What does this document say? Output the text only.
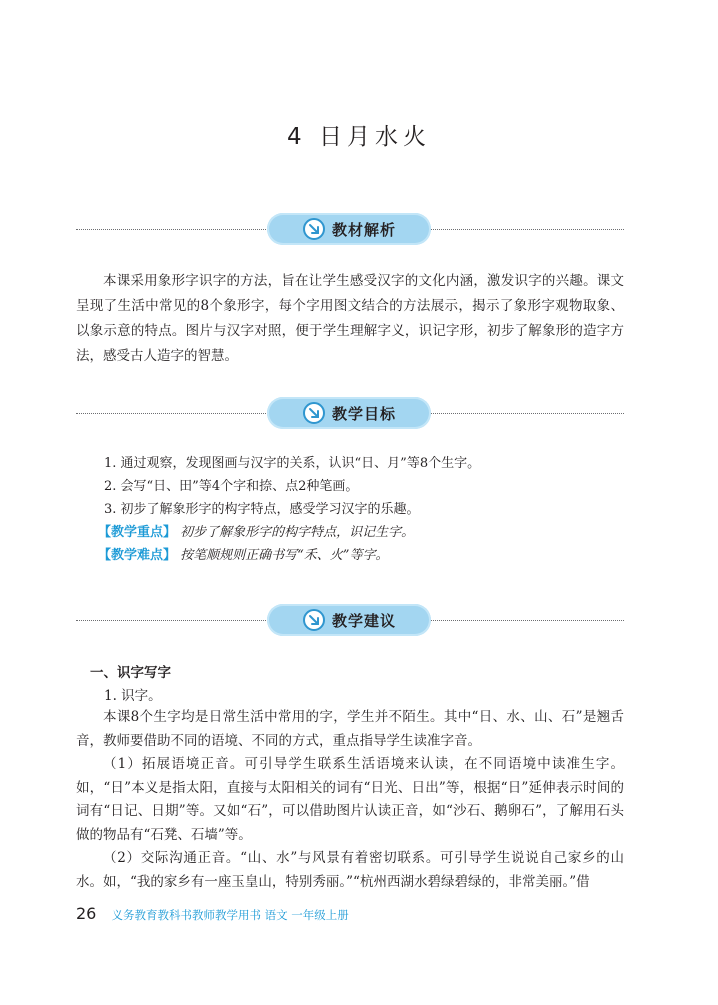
4 日月水火
教材解析

本课采用象形字识字的方法，旨在让学生感受汉字的文化内涵，激发识字的兴趣。课文呈现了生活中常见的8个象形字，每个字用图文结合的方法展示，揭示了象形字观物取象、以象示意的特点。图片与汉字对照，便于学生理解字义，识记字形，初步了解象形的造字方法，感受古人造字的智慧。

教学目标
1. 通过观察，发现图画与汉字的关系，认识“日、月”等8个生字。
2. 会写“日、田”等4个字和捺、点2种笔画。
3. 初步了解象形字的构字特点，感受学习汉字的乐趣。
【教学重点】 初步了解象形字的构字特点，识记生字。
【教学难点】 按笔顺规则正确书写“禾、火”等字。
教学建议
一、识字写字
1. 识字。

本课8个生字均是日常生活中常用的字，学生并不陌生。其中“日、水、山、石”是翘舌音，教师要借助不同的语境、不同的方式，重点指导学生读准字音。

（1）拓展语境正音。可引导学生联系生活语境来认读，在不同语境中读准生字。如，“日”本义是指太阳，直接与太阳相关的词有“日光、日出”等，根据“日”延伸表示时间的词有“日记、日期”等。又如“石”，可以借助图片认读正音，如“沙石、鹅卵石”，了解用石头做的物品有“石凳、石墙”等。

（2）交际沟通正音。“山、水”与风景有着密切联系。可引导学生说说自己家乡的山水。如，“我的家乡有一座玉皇山，特别秀丽。”“杭州西湖水碧绿碧绿的，非常美丽。”借

26 义务教育教科书教师教学用书 语文 一年级上册
